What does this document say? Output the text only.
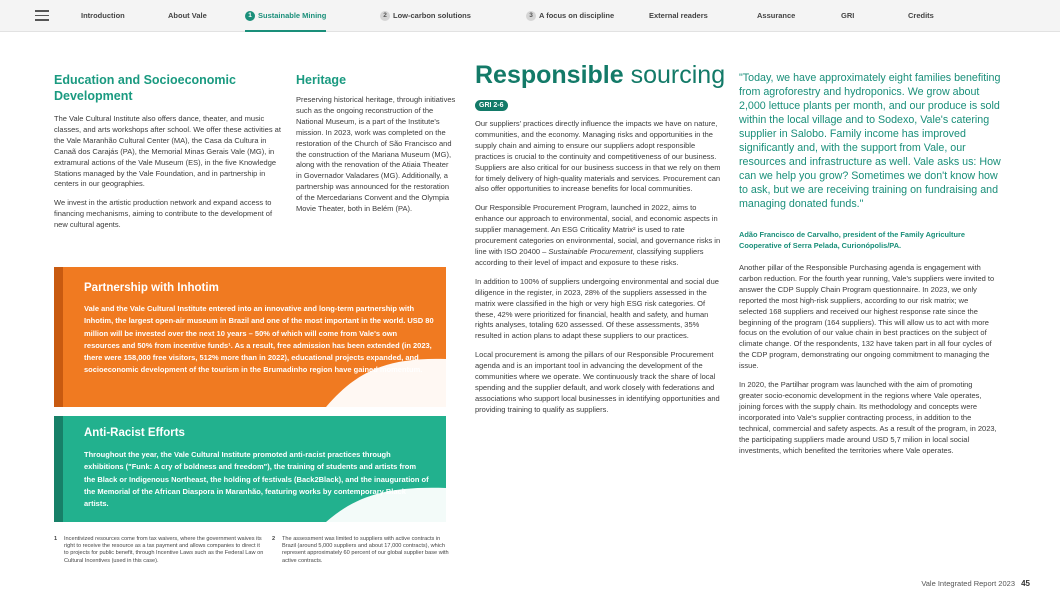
Introduction	About Vale	1 Sustainable Mining	2 Low-carbon solutions	3 A focus on discipline	External readers	Assurance	GRI	Credits
Education and Socioeconomic Development

The Vale Cultural Institute also offers dance, theater, and music classes, and arts workshops after school. We offer these activities at the Vale Maranhão Cultural Center (MA), the Casa da Cultura in Canaã dos Carajás (PA), the Memorial Minas Gerais Vale (MG), in extramural actions of the Vale Museum (ES), in the five Knowledge Stations managed by the Vale Foundation, and in partnership in centers in our geographies.

We invest in the artistic production network and expand access to financing mechanisms, aiming to contribute to the development of new cultural agents.

Heritage

Preserving historical heritage, through initiatives such as the ongoing reconstruction of the National Museum, is a part of the Institute's mission. In 2023, work was completed on the restoration of the Church of São Francisco and the construction of the Mariana Museum (MG), along with the renovation of the Atiaia Theater in Governador Valadares (MG). Additionally, a partnership was announced for the restoration of the Mercedarians Convent and the Olympia Movie Theater, both in Belém (PA).

Partnership with Inhotim
Vale and the Vale Cultural Institute entered into an innovative and long-term partnership with Inhotim, the largest open-air museum in Brazil and one of the most important in the world. USD 80 million will be invested over the next 10 years – 50% of which will come from Vale's own resources and 50% from incentive funds¹. As a result, free admission has been extended (in 2023, there were 158,000 free visitors, 512% more than in 2022), educational projects expanded, and socioeconomic development of the tourism in the Brumadinho region have gained momentum.
Anti-Racist Efforts
Throughout the year, the Vale Cultural Institute promoted anti-racist practices through exhibitions ("Funk: A cry of boldness and freedom"), the training of students and artists from the Black or Indigenous Northeast, the holding of festivals (Back2Black), and the inauguration of the Memorial of the African Diaspora in Maranhão, featuring works by contemporary Black artists.
1 Incentivized resources come from tax waivers, where the government waives its right to receive the resource as a tax payment and allows companies to direct it to projects for public benefit, through Incentive Laws such as the Federal Law on Cultural Incentives (used in this case).
2 The assessment was limited to suppliers with active contracts in Brazil (around 5,000 suppliers and about 17,000 contracts), which represent approximately 60 percent of our global supplier base with active contracts.
Responsible sourcing
GRI 2-6

Our suppliers' practices directly influence the impacts we have on nature, communities, and the economy. Managing risks and opportunities in the supply chain and aiming to ensure our suppliers adopt responsible practices is crucial to the continuity and competitiveness of our business. Suppliers are also critical for our business success in that we rely on them for timely delivery of high-quality materials and services. Procurement can also offer opportunities to increase benefits for local communities.

Our Responsible Procurement Program, launched in 2022, aims to enhance our approach to environmental, social, and economic aspects in supplier management. An ESG Criticality Matrix² is used to rate procurement categories on environmental, social, and governance risks in line with ISO 20400 – Sustainable Procurement, classifying suppliers according to their level of impact and exposure to these risks.

In addition to 100% of suppliers undergoing environmental and social due diligence in the register, in 2023, 28% of the suppliers assessed in the matrix were classified in the high or very high ESG risk categories. Of these, 42% were prioritized for financial, health and safety, and human rights analyses, totaling 620 assessed. Of these assessments, 35% resulted in action plans to adapt these suppliers to our practices.

Local procurement is among the pillars of our Responsible Procurement agenda and is an important tool in advancing the development of the communities where we operate. We continuously track the share of local spending and the supplier default, and work closely with federations and associations who support local businesses in identifying opportunities and providing training to qualify as suppliers.

"Today, we have approximately eight families benefiting from agroforestry and hydroponics. We grow about 2,000 lettuce plants per month, and our produce is sold within the local village and to Sodexo, Vale's catering supplier in Salobo. Family income has improved significantly and, with the support from Vale, our resources and infrastructure as well. Vale asks us: How can we help you grow? Sometimes we don't know how to ask, but we are receiving training on fundraising and managing donated funds."
Adão Francisco de Carvalho, president of the Family Agriculture Cooperative of Serra Pelada, Curionópolis/PA.

Another pillar of the Responsible Purchasing agenda is engagement with carbon reduction. For the fourth year running, Vale's suppliers were invited to answer the CDP Supply Chain Program questionnaire. In 2023, we only reported the most high-risk suppliers, according to our risk matrix; we selected 168 suppliers and received our highest response rate since the beginning of the program (164 suppliers). This will allow us to act with more focus on the evolution of our value chain in best practices on the subject of climate change. Of the respondents, 132 have taken part in all four cycles of the CDP program, demonstrating our ongoing commitment to managing the issue.

In 2020, the Partilhar program was launched with the aim of promoting greater socio-economic development in the regions where Vale operates, joining forces with the supply chain. Its methodology and concepts were incorporated into Vale's supplier contracting process, in addition to the technical, commercial and safety aspects. As a result of the program, in 2023, the participating suppliers made around USD 5,7 milion in local social investments, which benefited the territories where Vale operates.

Vale Integrated Report 2023 45
